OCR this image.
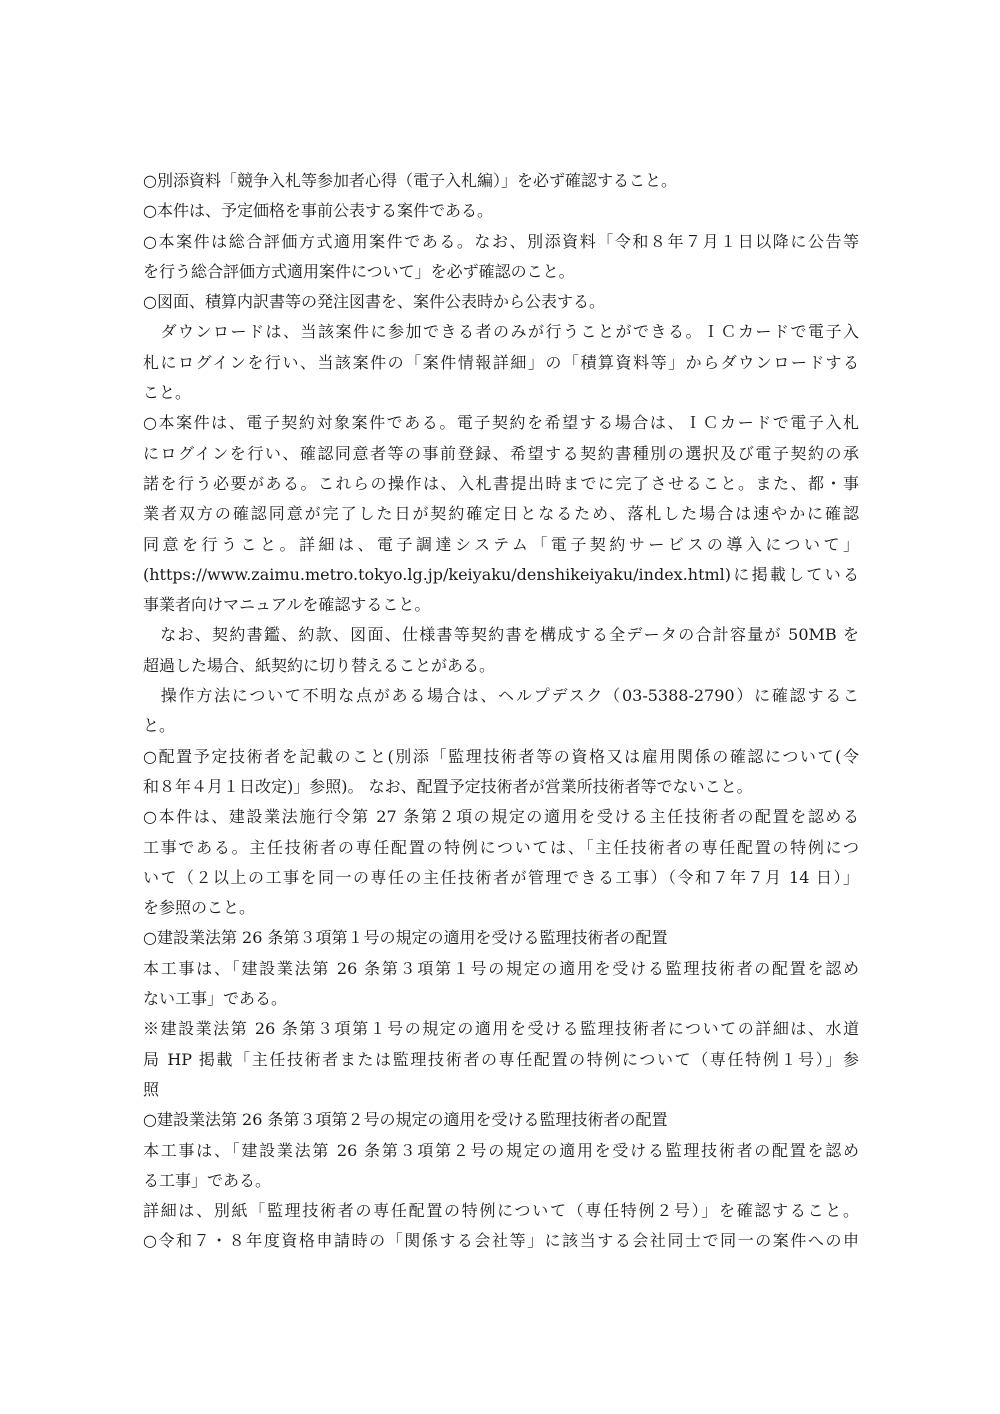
○別添資料「競争入札等参加者心得（電子入札編）」を必ず確認すること。
○本件は、予定価格を事前公表する案件である。
○本案件は総合評価方式適用案件である。なお、別添資料「令和８年７月１日以降に公告等
を行う総合評価方式適用案件について」を必ず確認のこと。
○図面、積算内訳書等の発注図書を、案件公表時から公表する。
　ダウンロードは、当該案件に参加できる者のみが行うことができる。ＩＣカードで電子入
札にログインを行い、当該案件の「案件情報詳細」の「積算資料等」からダウンロードする
こと。
○本案件は、電子契約対象案件である。電子契約を希望する場合は、ＩＣカードで電子入札
にログインを行い、確認同意者等の事前登録、希望する契約書種別の選択及び電子契約の承
諾を行う必要がある。これらの操作は、入札書提出時までに完了させること。また、都・事
業者双方の確認同意が完了した日が契約確定日となるため、落札した場合は速やかに確認
同意を行うこと。詳細は、電子調達システム「電子契約サービスの導入について」
(https://www.zaimu.metro.tokyo.lg.jp/keiyaku/denshikeiyaku/index.html)に掲載している
事業者向けマニュアルを確認すること。
　なお、契約書鑑、約款、図面、仕様書等契約書を構成する全データの合計容量が 50MB を
超過した場合、紙契約に切り替えることがある。
　操作方法について不明な点がある場合は、ヘルプデスク（03-5388-2790）に確認するこ
と。
○配置予定技術者を記載のこと(別添「監理技術者等の資格又は雇用関係の確認について(令
和８年４月１日改定)」参照)。 なお、配置予定技術者が営業所技術者等でないこと。
○本件は、建設業法施行令第 27 条第２項の規定の適用を受ける主任技術者の配置を認める
工事である。主任技術者の専任配置の特例については、「主任技術者の専任配置の特例につ
いて（２以上の工事を同一の専任の主任技術者が管理できる工事）（令和７年７月 14 日）」
を参照のこと。
○建設業法第 26 条第３項第１号の規定の適用を受ける監理技術者の配置
本工事は、「建設業法第 26 条第３項第１号の規定の適用を受ける監理技術者の配置を認め
ない工事」である。
※建設業法第 26 条第３項第１号の規定の適用を受ける監理技術者についての詳細は、水道
局 HP 掲載「主任技術者または監理技術者の専任配置の特例について（専任特例１号）」参
照
○建設業法第 26 条第３項第２号の規定の適用を受ける監理技術者の配置
本工事は、「建設業法第 26 条第３項第２号の規定の適用を受ける監理技術者の配置を認め
る工事」である。
詳細は、別紙「監理技術者の専任配置の特例について（専任特例２号）」を確認すること。
○令和７・８年度資格申請時の「関係する会社等」に該当する会社同士で同一の案件への申
